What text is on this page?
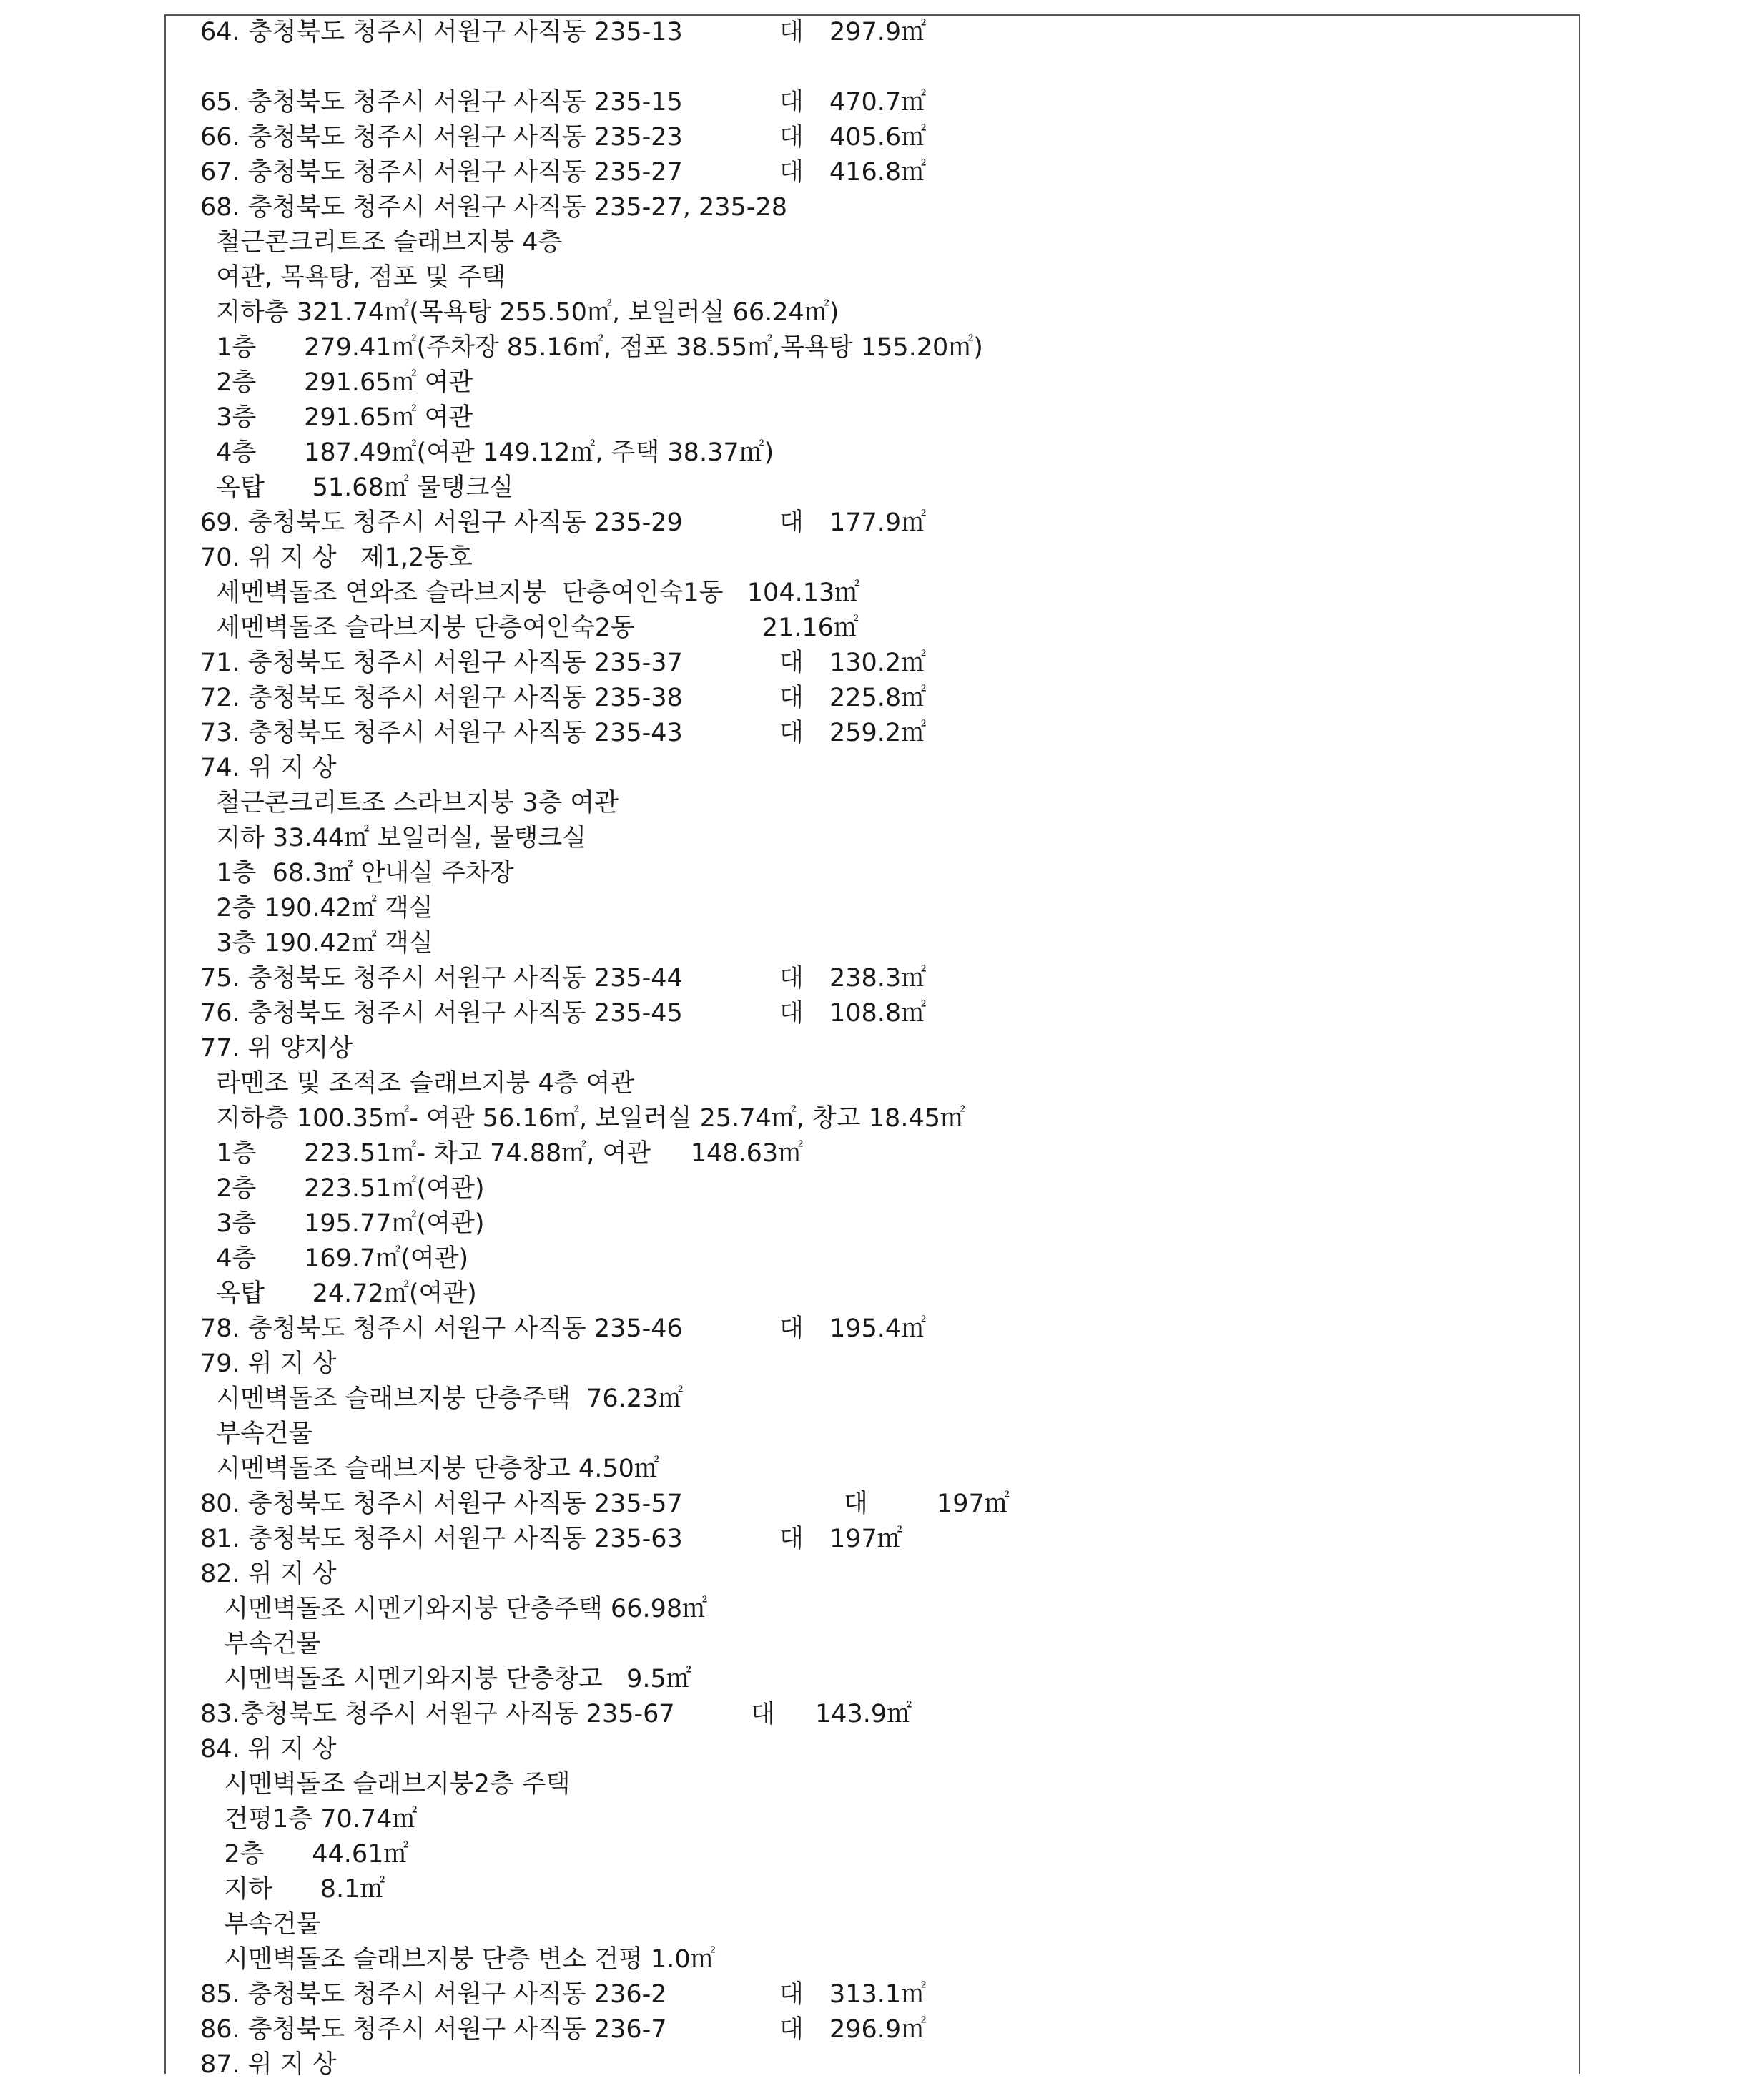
64. 충청북도 청주시 서원구 사직동 235-13	대 297.9㎡
65. 충청북도 청주시 서원구 사직동 235-15	대 470.7㎡
66. 충청북도 청주시 서원구 사직동 235-23	대 405.6㎡
67. 충청북도 청주시 서원구 사직동 235-27	대 416.8㎡
68. 충청북도 청주시 서원구 사직동 235-27, 235-28
철근콘크리트조 슬래브지붕 4층
여관, 목욕탕, 점포 및 주택
지하층 321.74㎡(목욕탕 255.50㎡, 보일러실 66.24㎡)
1층      279.41㎡(주차장 85.16㎡, 점포 38.55㎡,목욕탕 155.20㎡)
2층      291.65㎡ 여관
3층      291.65㎡ 여관
4층      187.49㎡(여관 149.12㎡, 주택 38.37㎡)
옥탑      51.68㎡ 물탱크실
69. 충청북도 청주시 서원구 사직동 235-29	대 177.9㎡
70. 위 지 상   제1,2동호
세멘벽돌조 연와조 슬라브지붕  단층여인숙1동   104.13㎡
세멘벽돌조 슬라브지붕 단층여인숙2동                21.16㎡
71. 충청북도 청주시 서원구 사직동 235-37	대 130.2㎡
72. 충청북도 청주시 서원구 사직동 235-38	대 225.8㎡
73. 충청북도 청주시 서원구 사직동 235-43	대 259.2㎡
74. 위 지 상
철근콘크리트조 스라브지붕 3층 여관
지하 33.44㎡ 보일러실, 물탱크실
1층  68.3㎡ 안내실 주차장
2층 190.42㎡ 객실
3층 190.42㎡ 객실
75. 충청북도 청주시 서원구 사직동 235-44	대 238.3㎡
76. 충청북도 청주시 서원구 사직동 235-45	대 108.8㎡
77. 위 양지상
라멘조 및 조적조 슬래브지붕 4층 여관
지하층 100.35㎡- 여관 56.16㎡, 보일러실 25.74㎡, 창고 18.45㎡
1층      223.51㎡- 차고 74.88㎡, 여관     148.63㎡
2층      223.51㎡(여관)
3층      195.77㎡(여관)
4층      169.7㎡(여관)
옥탑      24.72㎡(여관)
78. 충청북도 청주시 서원구 사직동 235-46	대 195.4㎡
79. 위 지 상
시멘벽돌조 슬래브지붕 단층주택  76.23㎡
부속건물
시멘벽돌조 슬래브지붕 단층창고 4.50㎡
80. 충청북도 청주시 서원구 사직동 235-57	대	197㎡
81. 충청북도 청주시 서원구 사직동 235-63	대 197㎡
82. 위 지 상
시멘벽돌조 시멘기와지붕 단층주택 66.98㎡
부속건물
시멘벽돌조 시멘기와지붕 단층창고   9.5㎡
83.충청북도 청주시 서원구 사직동 235-67	대 143.9㎡
84. 위 지 상
시멘벽돌조 슬래브지붕2층 주택
건평1층 70.74㎡
2층      44.61㎡
지하      8.1㎡
부속건물
시멘벽돌조 슬래브지붕 단층 변소 건평 1.0㎡
85. 충청북도 청주시 서원구 사직동 236-2	대 313.1㎡
86. 충청북도 청주시 서원구 사직동 236-7	대 296.9㎡
87. 위 지 상
